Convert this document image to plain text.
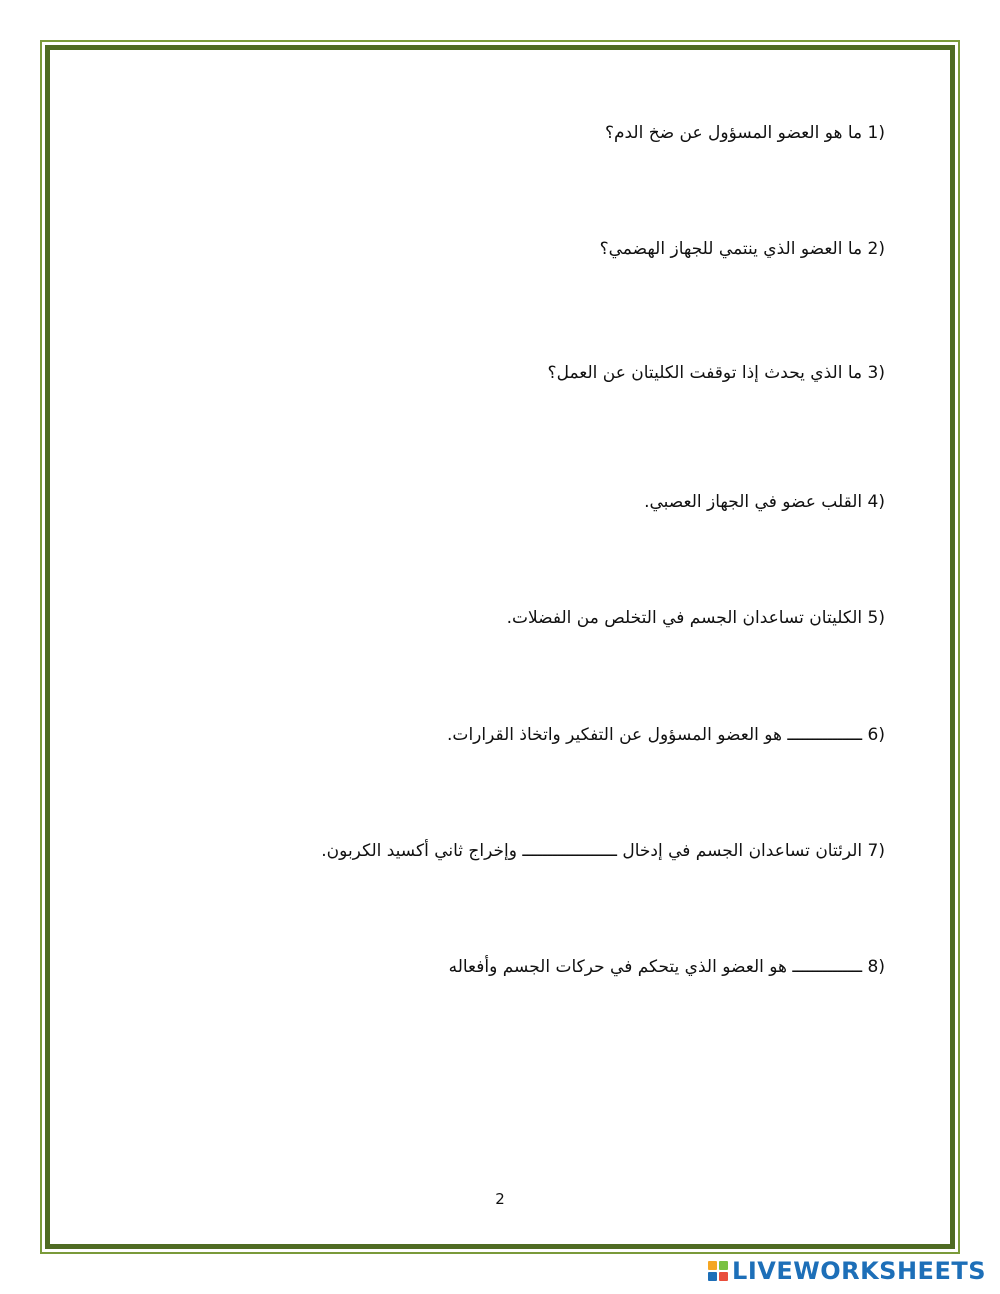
1) ما هو العضو المسؤول عن ضخ الدم؟
2) ما العضو الذي ينتمي للجهاز الهضمي؟
3) ما الذي يحدث إذا توقفت الكليتان عن العمل؟
4) القلب عضو في الجهاز العصبي.
5) الكليتان تساعدان الجسم في التخلص من الفضلات.
6) ـــــــــــــــ هو العضو المسؤول عن التفكير واتخاذ القرارات.
7) الرئتان تساعدان الجسم في إدخال ـــــــــــــــــــ وإخراج ثاني أكسيد الكربون.
8) ــــــــــــــ هو العضو الذي يتحكم في حركات الجسم وأفعاله
2
LIVEWORKSHEETS
